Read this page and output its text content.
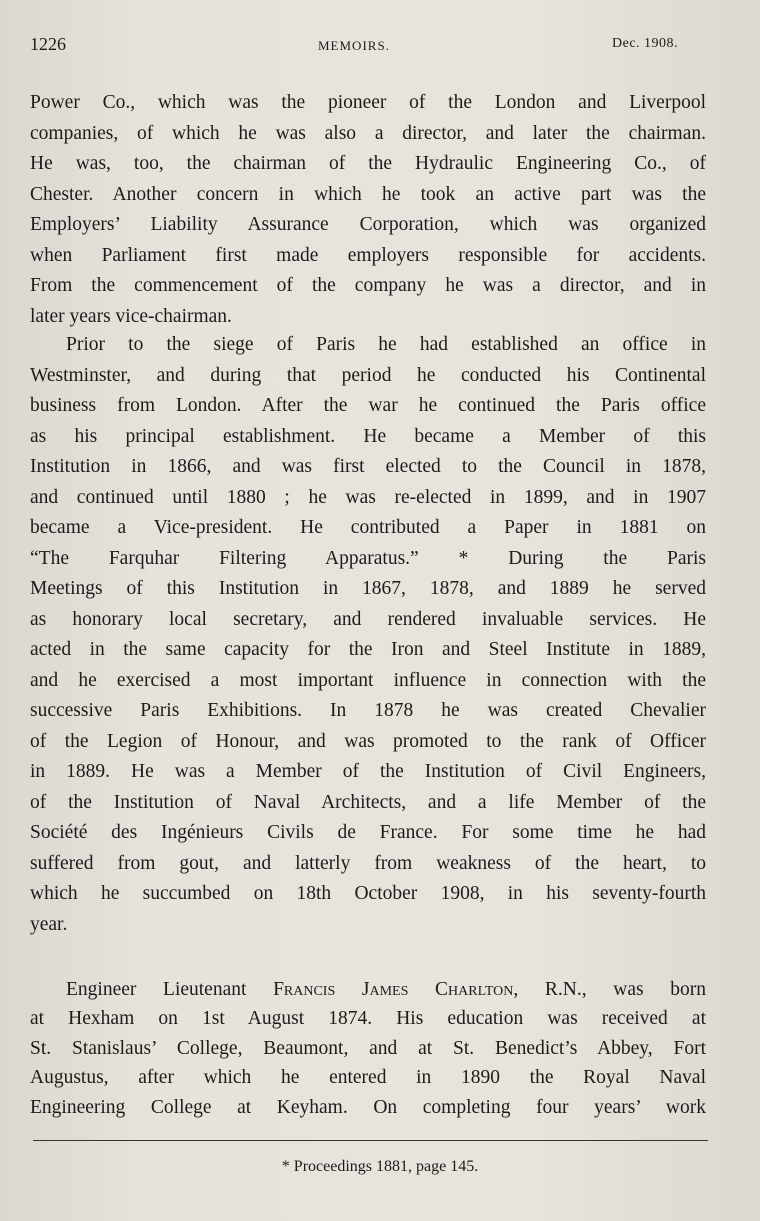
1226	MEMOIRS.	Dec. 1908.
Power Co., which was the pioneer of the London and Liverpool
companies, of which he was also a director, and later the chairman.
He was, too, the chairman of the Hydraulic Engineering Co., of
Chester. Another concern in which he took an active part was the
Employers’ Liability Assurance Corporation, which was organized
when Parliament first made employers responsible for accidents.
From the commencement of the company he was a director, and in
later years vice-chairman.
Prior to the siege of Paris he had established an office in
Westminster, and during that period he conducted his Continental
business from London. After the war he continued the Paris office
as his principal establishment. He became a Member of this
Institution in 1866, and was first elected to the Council in 1878,
and continued until 1880 ; he was re-elected in 1899, and in 1907
became a Vice-president. He contributed a Paper in 1881 on
“The Farquhar Filtering Apparatus.” * During the Paris
Meetings of this Institution in 1867, 1878, and 1889 he served
as honorary local secretary, and rendered invaluable services. He
acted in the same capacity for the Iron and Steel Institute in 1889,
and he exercised a most important influence in connection with the
successive Paris Exhibitions. In 1878 he was created Chevalier
of the Legion of Honour, and was promoted to the rank of Officer
in 1889. He was a Member of the Institution of Civil Engineers,
of the Institution of Naval Architects, and a life Member of the
Société des Ingénieurs Civils de France. For some time he had
suffered from gout, and latterly from weakness of the heart, to
which he succumbed on 18th October 1908, in his seventy-fourth
year.
Engineer Lieutenant Francis James Charlton, R.N., was born
at Hexham on 1st August 1874. His education was received at
St. Stanislaus’ College, Beaumont, and at St. Benedict’s Abbey, Fort
Augustus, after which he entered in 1890 the Royal Naval
Engineering College at Keyham. On completing four years’ work
* Proceedings 1881, page 145.
